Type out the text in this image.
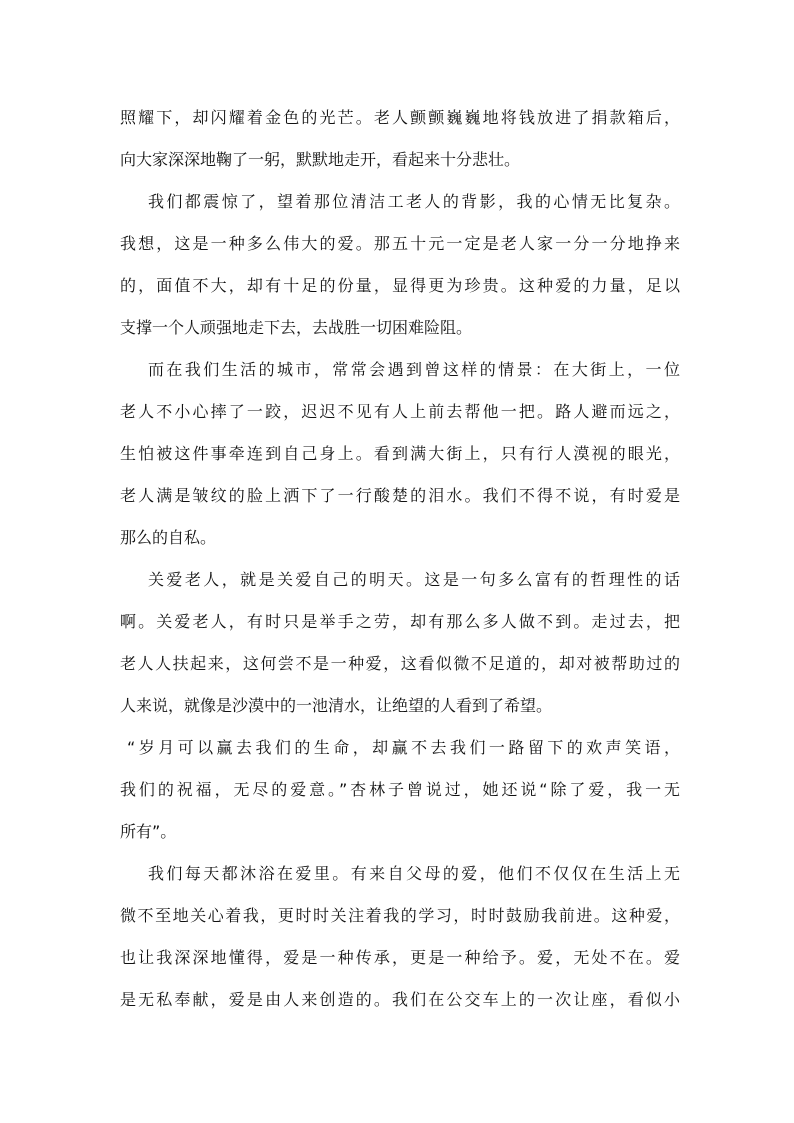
照耀下，却闪耀着金色的光芒。老人颤颤巍巍地将钱放进了捐款箱后，
向大家深深地鞠了一躬，默默地走开，看起来十分悲壮。
我们都震惊了，望着那位清洁工老人的背影，我的心情无比复杂。
我想，这是一种多么伟大的爱。那五十元一定是老人家一分一分地挣来
的，面值不大，却有十足的份量，显得更为珍贵。这种爱的力量，足以
支撑一个人顽强地走下去，去战胜一切困难险阻。
而在我们生活的城市，常常会遇到曾这样的情景：在大街上，一位
老人不小心摔了一跤，迟迟不见有人上前去帮他一把。路人避而远之，
生怕被这件事牵连到自己身上。看到满大街上，只有行人漠视的眼光，
老人满是皱纹的脸上洒下了一行酸楚的泪水。我们不得不说，有时爱是
那么的自私。
关爱老人，就是关爱自己的明天。这是一句多么富有的哲理性的话
啊。关爱老人，有时只是举手之劳，却有那么多人做不到。走过去，把
老人人扶起来，这何尝不是一种爱，这看似微不足道的，却对被帮助过的
人来说，就像是沙漠中的一池清水，让绝望的人看到了希望。
“岁月可以赢去我们的生命，却赢不去我们一路留下的欢声笑语，
我们的祝福，无尽的爱意。”杏林子曾说过，她还说“除了爱，我一无
所有”。
我们每天都沐浴在爱里。有来自父母的爱，他们不仅仅在生活上无
微不至地关心着我，更时时关注着我的学习，时时鼓励我前进。这种爱，
也让我深深地懂得，爱是一种传承，更是一种给予。爱，无处不在。爱
是无私奉献，爱是由人来创造的。我们在公交车上的一次让座，看似小
